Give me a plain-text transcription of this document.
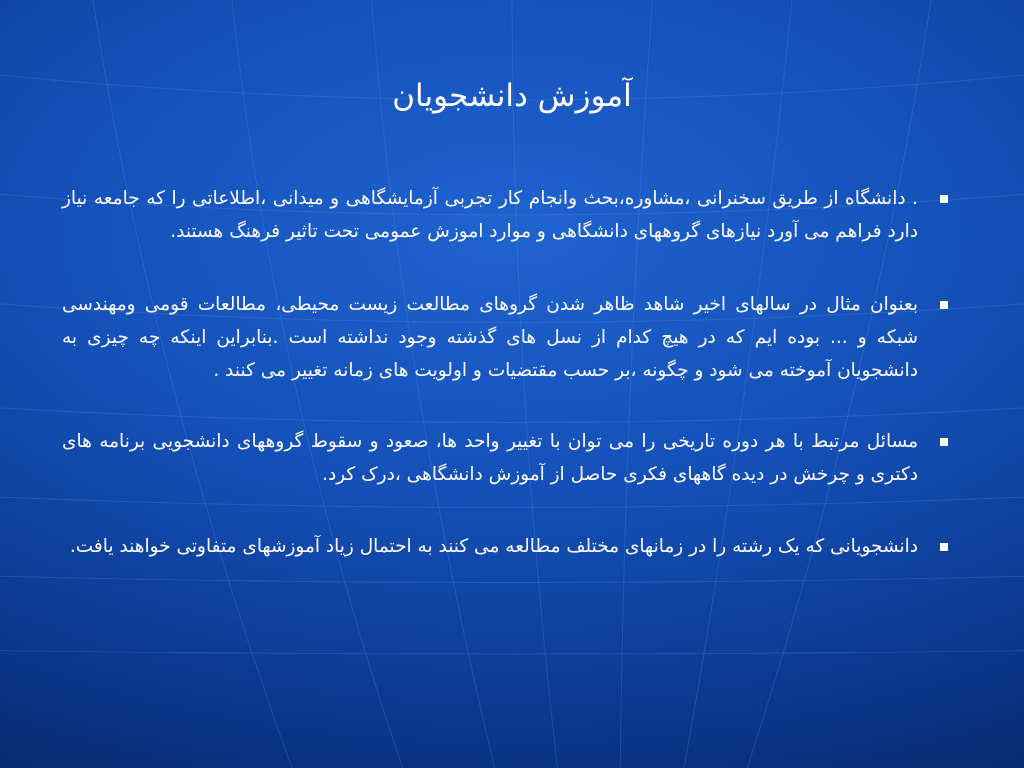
آموزش دانشجویان
. دانشگاه از طریق سخنرانی ،مشاوره،بحث وانجام کار تجربی آزمایشگاهی و میدانی ،اطلاعاتی را که جامعه نیاز دارد فراهم می آورد نیازهای گروههای دانشگاهی و موارد اموزش عمومی تحت تاثیر فرهنگ هستند.
بعنوان مثال در سالهای اخیر شاهد ظاهر شدن گروهای مطالعت زیست محیطی، مطالعات قومی ومهندسی شبکه و ... بوده ایم که در هیچ کدام از نسل های گذشته وجود نداشته است .بنابراین اینکه چه چیزی به دانشجویان آموخته می شود و چگونه ،بر حسب مقتضیات و اولویت های زمانه تغییر می کنند .
مسائل مرتبط با هر دوره تاریخی را می توان با تغییر واحد ها، صعود و سقوط گروههای دانشجویی برنامه های دکتری و چرخش در دیده گاههای فکری حاصل از آموزش دانشگاهی ،درک کرد.
دانشجویانی که یک رشته را در زمانهای مختلف مطالعه می کنند به احتمال زیاد آموزشهای متفاوتی خواهند یافت.
